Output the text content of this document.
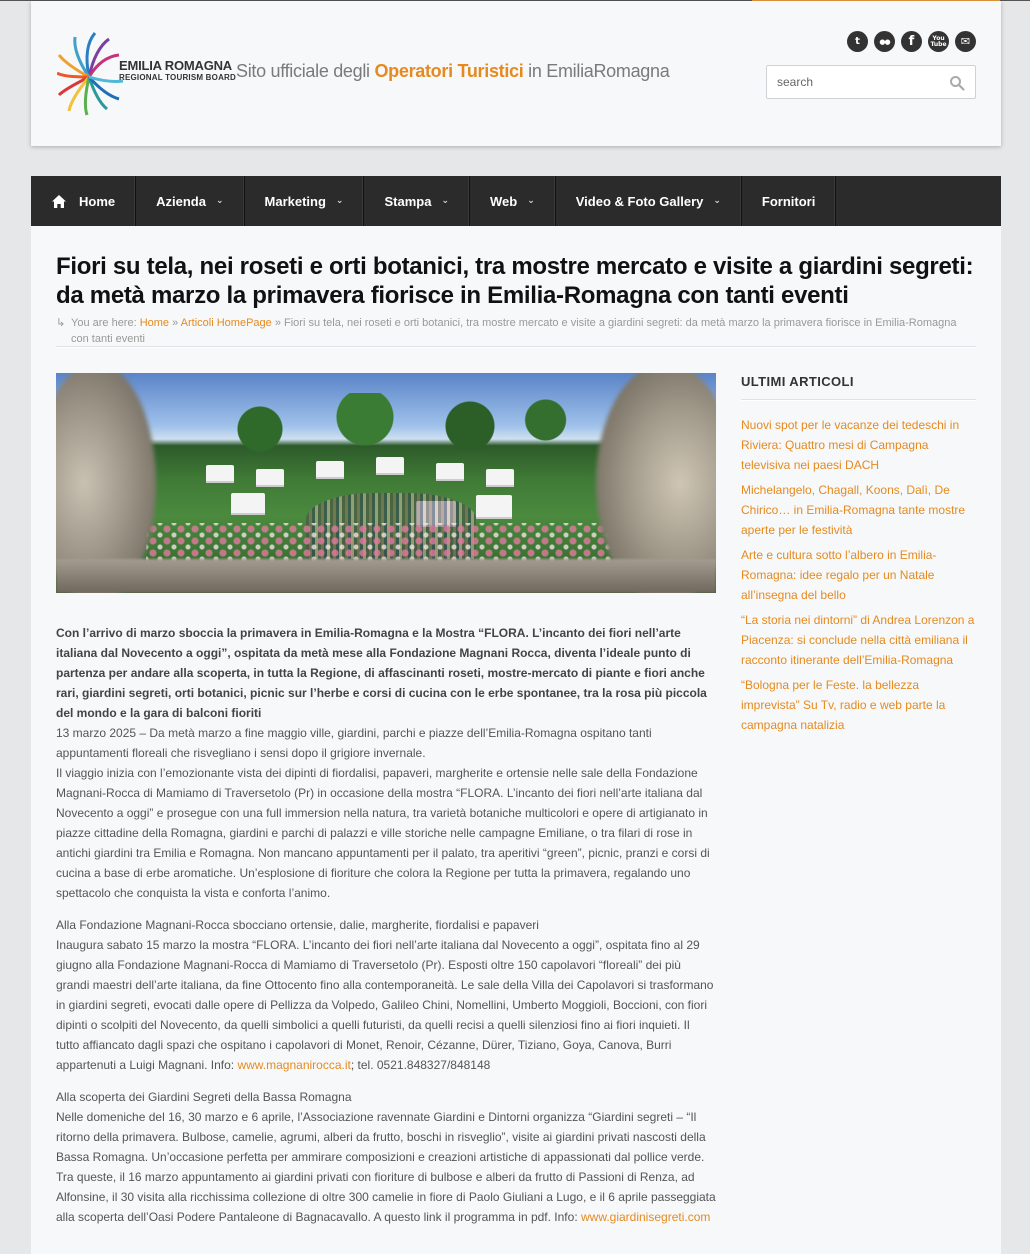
EMILIA ROMAGNA
REGIONAL TOURISM BOARD Sito ufficiale degli Operatori Turistici in EmiliaRomagna
t	●●	f	You Tube	✉
search
Home	Azienda ⌄	Marketing ⌄	Stampa ⌄	Web ⌄	Video & Foto Gallery ⌄	Fornitori
Fiori su tela, nei roseti e orti botanici, tra mostre mercato e visite a giardini segreti: da metà marzo la primavera fiorisce in Emilia-Romagna con tanti eventi
↳ You are here: Home » Articoli HomePage » Fiori su tela, nei roseti e orti botanici, tra mostre mercato e visite a giardini segreti: da metà marzo la primavera fiorisce in Emilia-Romagna con tanti eventi

Con l’arrivo di marzo sboccia la primavera in Emilia-Romagna e la Mostra “FLORA. L’incanto dei fiori nell’arte italiana dal Novecento a oggi”, ospitata da metà mese alla Fondazione Magnani Rocca, diventa l’ideale punto di partenza per andare alla scoperta, in tutta la Regione, di affascinanti roseti, mostre-mercato di piante e fiori anche rari, giardini segreti, orti botanici, picnic sur l’herbe e corsi di cucina con le erbe spontanee, tra la rosa più piccola del mondo e la gara di balconi fioriti

13 marzo 2025 – Da metà marzo a fine maggio ville, giardini, parchi e piazze dell’Emilia-Romagna ospitano tanti appuntamenti floreali che risvegliano i sensi dopo il grigiore invernale.

Il viaggio inizia con l’emozionante vista dei dipinti di fiordalisi, papaveri, margherite e ortensie nelle sale della Fondazione Magnani-Rocca di Mamiamo di Traversetolo (Pr) in occasione della mostra “FLORA. L’incanto dei fiori nell’arte italiana dal Novecento a oggi” e prosegue con una full immersion nella natura, tra varietà botaniche multicolori e opere di artigianato in piazze cittadine della Romagna, giardini e parchi di palazzi e ville storiche nelle campagne Emiliane, o tra filari di rose in antichi giardini tra Emilia e Romagna. Non mancano appuntamenti per il palato, tra aperitivi “green”, picnic, pranzi e corsi di cucina a base di erbe aromatiche. Un’esplosione di fioriture che colora la Regione per tutta la primavera, regalando uno spettacolo che conquista la vista e conforta l’animo.

Alla Fondazione Magnani-Rocca sbocciano ortensie, dalie, margherite, fiordalisi e papaveri

Inaugura sabato 15 marzo la mostra “FLORA. L’incanto dei fiori nell’arte italiana dal Novecento a oggi”, ospitata fino al 29 giugno alla Fondazione Magnani-Rocca di Mamiamo di Traversetolo (Pr). Esposti oltre 150 capolavori “floreali” dei più grandi maestri dell’arte italiana, da fine Ottocento fino alla contemporaneità. Le sale della Villa dei Capolavori si trasformano in giardini segreti, evocati dalle opere di Pellizza da Volpedo, Galileo Chini, Nomellini, Umberto Moggioli, Boccioni, con fiori dipinti o scolpiti del Novecento, da quelli simbolici a quelli futuristi, da quelli recisi a quelli silenziosi fino ai fiori inquieti. Il tutto affiancato dagli spazi che ospitano i capolavori di Monet, Renoir, Cézanne, Dürer, Tiziano, Goya, Canova, Burri appartenuti a Luigi Magnani. Info: www.magnanirocca.it; tel. 0521.848327/848148

Alla scoperta dei Giardini Segreti della Bassa Romagna

Nelle domeniche del 16, 30 marzo e 6 aprile, l’Associazione ravennate Giardini e Dintorni organizza “Giardini segreti – “Il ritorno della primavera. Bulbose, camelie, agrumi, alberi da frutto, boschi in risveglio”, visite ai giardini privati nascosti della Bassa Romagna. Un’occasione perfetta per ammirare composizioni e creazioni artistiche di appassionati dal pollice verde. Tra queste, il 16 marzo appuntamento ai giardini privati con fioriture di bulbose e alberi da frutto di Passioni di Renza, ad Alfonsine, il 30 visita alla ricchissima collezione di oltre 300 camelie in fiore di Paolo Giuliani a Lugo, e il 6 aprile passeggiata alla scoperta dell’Oasi Podere Pantaleone di Bagnacavallo. A questo link il programma in pdf. Info: www.giardinisegreti.com

ULTIMI ARTICOLI
Nuovi spot per le vacanze dei tedeschi in Riviera: Quattro mesi di Campagna televisiva nei paesi DACH
Michelangelo, Chagall, Koons, Dalì, De Chirico… in Emilia-Romagna tante mostre aperte per le festività
Arte e cultura sotto l’albero in Emilia-Romagna: idee regalo per un Natale all’insegna del bello
“La storia nei dintorni” di Andrea Lorenzon a Piacenza: si conclude nella città emiliana il racconto itinerante dell’Emilia-Romagna
“Bologna per le Feste. la bellezza imprevista” Su Tv, radio e web parte la campagna natalizia
